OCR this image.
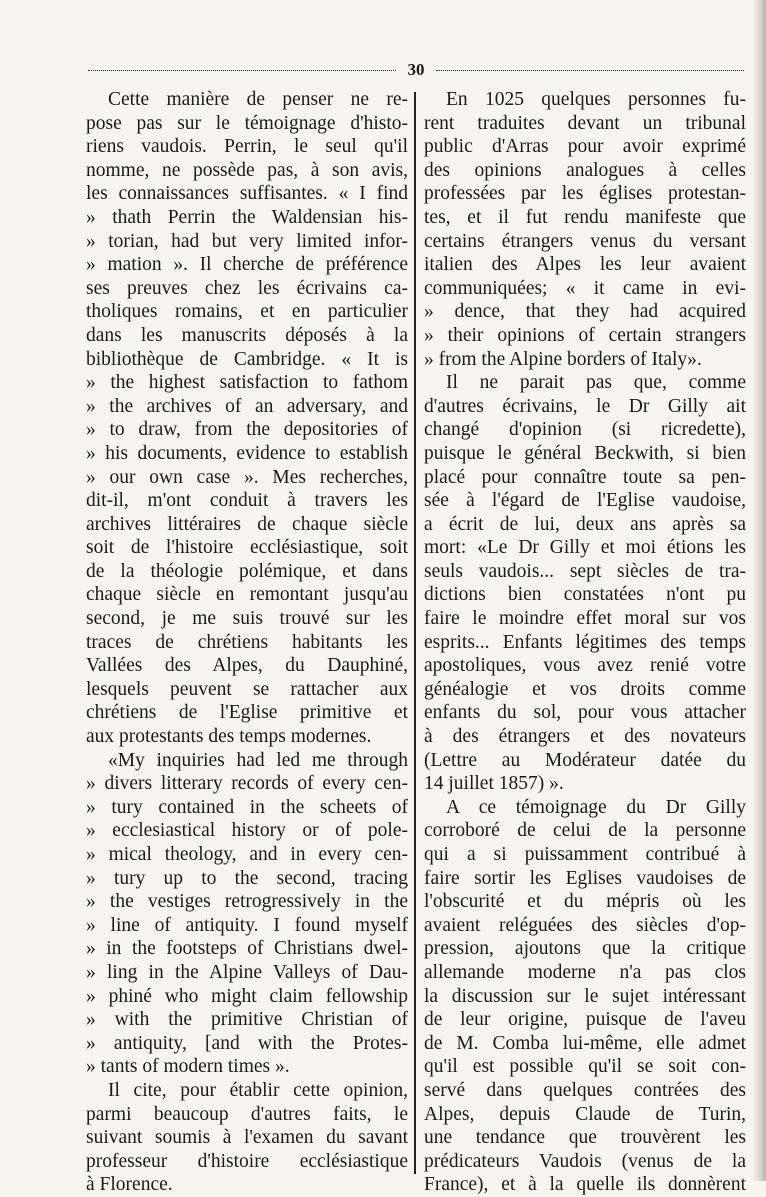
30
Cette manière de penser ne re-
pose pas sur le témoignage d'histo-
riens vaudois. Perrin, le seul qu'il
nomme, ne possède pas, à son avis,
les connaissances suffisantes. « I find
» thath Perrin the Waldensian his-
» torian, had but very limited infor-
» mation ». Il cherche de préférence
ses preuves chez les écrivains ca-
tholiques romains, et en particulier
dans les manuscrits déposés à la
bibliothèque de Cambridge. « It is
» the highest satisfaction to fathom
» the archives of an adversary, and
» to draw, from the depositories of
» his documents, evidence to establish
» our own case ». Mes recherches,
dit-il, m'ont conduit à travers les
archives littéraires de chaque siècle
soit de l'histoire ecclésiastique, soit
de la théologie polémique, et dans
chaque siècle en remontant jusqu'au
second, je me suis trouvé sur les
traces de chrétiens habitants les
Vallées des Alpes, du Dauphiné,
lesquels peuvent se rattacher aux
chrétiens de l'Eglise primitive et
aux protestants des temps modernes.
«My inquiries had led me through
» divers litterary records of every cen-
» tury contained in the scheets of
» ecclesiastical history or of pole-
» mical theology, and in every cen-
» tury up to the second, tracing
» the vestiges retrogressively in the
» line of antiquity. I found myself
» in the footsteps of Christians dwel-
» ling in the Alpine Valleys of Dau-
» phiné who might claim fellowship
» with the primitive Christian of
» antiquity, [and with the Protes-
» tants of modern times ».
Il cite, pour établir cette opinion,
parmi beaucoup d'autres faits, le
suivant soumis à l'examen du savant
professeur d'histoire ecclésiastique
à Florence.
En 1025 quelques personnes fu-
rent traduites devant un tribunal
public d'Arras pour avoir exprimé
des opinions analogues à celles
professées par les églises protestan-
tes, et il fut rendu manifeste que
certains étrangers venus du versant
italien des Alpes les leur avaient
communiquées; « it came in evi-
» dence, that they had acquired
» their opinions of certain strangers
» from the Alpine borders of Italy».
Il ne parait pas que, comme
d'autres écrivains, le Dr Gilly ait
changé d'opinion (si ricredette),
puisque le général Beckwith, si bien
placé pour connaître toute sa pen-
sée à l'égard de l'Eglise vaudoise,
a écrit de lui, deux ans après sa
mort: «Le Dr Gilly et moi étions les
seuls vaudois... sept siècles de tra-
dictions bien constatées n'ont pu
faire le moindre effet moral sur vos
esprits... Enfants légitimes des temps
apostoliques, vous avez renié votre
généalogie et vos droits comme
enfants du sol, pour vous attacher
à des étrangers et des novateurs
(Lettre au Modérateur datée du
14 juillet 1857) ».
A ce témoignage du Dr Gilly
corroboré de celui de la personne
qui a si puissamment contribué à
faire sortir les Eglises vaudoises de
l'obscurité et du mépris où les
avaient reléguées des siècles d'op-
pression, ajoutons que la critique
allemande moderne n'a pas clos
la discussion sur le sujet intéressant
de leur origine, puisque de l'aveu
de M. Comba lui-même, elle admet
qu'il est possible qu'il se soit con-
servé dans quelques contrées des
Alpes, depuis Claude de Turin,
une tendance que trouvèrent les
prédicateurs Vaudois (venus de la
France), et à la quelle ils donnèrent
